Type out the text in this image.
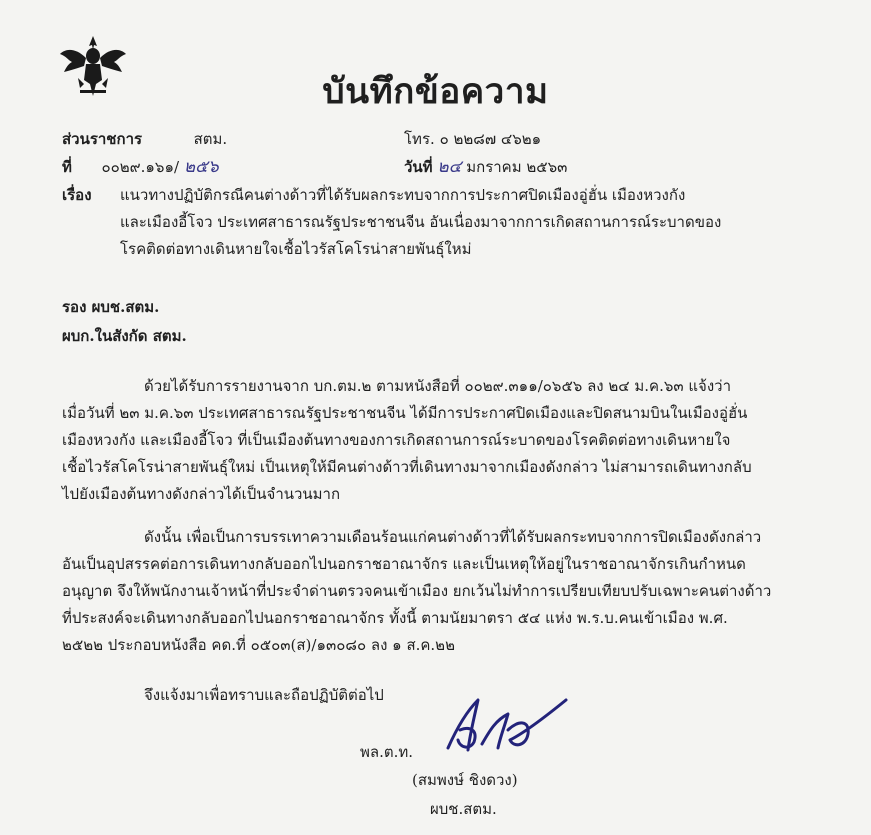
บันทึกข้อความ
ส่วนราชการ	สตม.	โทร. ๐ ๒๒๘๗ ๔๖๒๑
ที่ ๐๐๒๙.๑๖๑/ ๒๕๖	วันที่ ๒๔ มกราคม ๒๕๖๓
เรื่อง แนวทางปฏิบัติกรณีคนต่างด้าวที่ได้รับผลกระทบจากการประกาศปิดเมืองอู่ฮั่น เมืองหวงกัง
และเมืองอี้โจว ประเทศสาธารณรัฐประชาชนจีน อันเนื่องมาจากการเกิดสถานการณ์ระบาดของ
โรคติดต่อทางเดินหายใจเชื้อไวรัสโคโรน่าสายพันธุ์ใหม่
รอง ผบช.สตม.
ผบก.ในสังกัด สตม.
ด้วยได้รับการรายงานจาก บก.ตม.๒ ตามหนังสือที่ ๐๐๒๙.๓๑๑/๐๖๕๖ ลง ๒๔ ม.ค.๖๓ แจ้งว่า
เมื่อวันที่ ๒๓ ม.ค.๖๓ ประเทศสาธารณรัฐประชาชนจีน ได้มีการประกาศปิดเมืองและปิดสนามบินในเมืองอู่ฮั่น
เมืองหวงกัง และเมืองอี้โจว ที่เป็นเมืองต้นทางของการเกิดสถานการณ์ระบาดของโรคติดต่อทางเดินหายใจ
เชื้อไวรัสโคโรน่าสายพันธุ์ใหม่ เป็นเหตุให้มีคนต่างด้าวที่เดินทางมาจากเมืองดังกล่าว ไม่สามารถเดินทางกลับ
ไปยังเมืองต้นทางดังกล่าวได้เป็นจำนวนมาก
ดังนั้น เพื่อเป็นการบรรเทาความเดือนร้อนแก่คนต่างด้าวที่ได้รับผลกระทบจากการปิดเมืองดังกล่าว
อันเป็นอุปสรรคต่อการเดินทางกลับออกไปนอกราชอาณาจักร และเป็นเหตุให้อยู่ในราชอาณาจักรเกินกำหนด
อนุญาต จึงให้พนักงานเจ้าหน้าที่ประจำด่านตรวจคนเข้าเมือง ยกเว้นไม่ทำการเปรียบเทียบปรับเฉพาะคนต่างด้าว
ที่ประสงค์จะเดินทางกลับออกไปนอกราชอาณาจักร ทั้งนี้ ตามนัยมาตรา ๕๔ แห่ง พ.ร.บ.คนเข้าเมือง พ.ศ.
๒๕๒๒ ประกอบหนังสือ คด.ที่ ๐๕๐๓(ส)/๑๓๐๘๐ ลง ๑ ส.ค.๒๒
จึงแจ้งมาเพื่อทราบและถือปฏิบัติต่อไป
พล.ต.ท.
(สมพงษ์ ชิงดวง)
ผบช.สตม.
